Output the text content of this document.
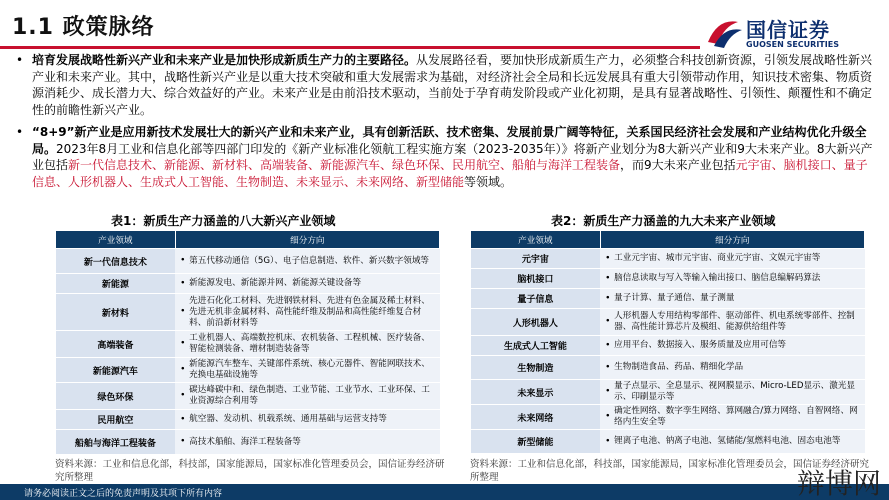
1.1 政策脉络	国信证券
GUOSEN SECURITIES
• 培育发展战略性新兴产业和未来产业是加快形成新质生产力的主要路径。从发展路径看，要加快形成新质生产力，必须整合科技创新资源，引领发展战略性新兴产业和未来产业。其中，战略性新兴产业是以重大技术突破和重大发展需求为基础，对经济社会全局和长远发展具有重大引领带动作用，知识技术密集、物质资源消耗少、成长潜力大、综合效益好的产业。未来产业是由前沿技术驱动，当前处于孕育萌发阶段或产业化初期，是具有显著战略性、引领性、颠覆性和不确定性的前瞻性新兴产业。
• “8+9”新产业是应用新技术发展壮大的新兴产业和未来产业，具有创新活跃、技术密集、发展前景广阔等特征，关系国民经济社会发展和产业结构优化升级全局。2023年8月工业和信息化部等四部门印发的《新产业标准化领航工程实施方案（2023-2035年）》将新产业划分为8大新兴产业和9大未来产业。8大新兴产业包括新一代信息技术、新能源、新材料、高端装备、新能源汽车、绿色环保、民用航空、船舶与海洋工程装备，而9大未来产业包括元宇宙、脑机接口、量子信息、人形机器人、生成式人工智能、生物制造、未来显示、未来网络、新型储能等领域。
表1：新质生产力涵盖的八大新兴产业领域
产业领域	细分方向
新一代信息技术	• 第五代移动通信（5G）、电子信息制造、软件、新兴数字领域等
新能源	• 新能源发电、新能源并网、新能源关键设备等
新材料	• 先进石化化工材料、先进钢铁材料、先进有色金属及稀土材料、先进无机非金属材料、高性能纤维及制品和高性能纤维复合材料、前沿新材料等
高端装备	• 工业机器人、高端数控机床、农机装备、工程机械、医疗装备、智能检测装备、增材制造装备等
新能源汽车	• 新能源汽车整车、关键部件系统、核心元器件、智能网联技术、充换电基础设施等
绿色环保	• 碳达峰碳中和、绿色制造、工业节能、工业节水、工业环保、工业资源综合利用等
民用航空	• 航空器、发动机、机载系统、通用基础与运营支持等
船舶与海洋工程装备	• 高技术船舶、海洋工程装备等
资料来源：工业和信息化部，科技部，国家能源局，国家标准化管理委员会，国信证券经济研究所整理
表2：新质生产力涵盖的九大未来产业领域
产业领域	细分方向
元宇宙	• 工业元宇宙、城市元宇宙、商业元宇宙、文娱元宇宙等
脑机接口	• 脑信息读取与写入等输入输出接口、脑信息编解码算法
量子信息	• 量子计算、量子通信、量子测量
人形机器人	• 人形机器人专用结构零部件、驱动部件、机电系统零部件、控制器、高性能计算芯片及模组、能源供给组件等
生成式人工智能	• 应用平台、数据接入、服务质量及应用可信等
生物制造	• 生物制造食品、药品、精细化学品
未来显示	• 量子点显示、全息显示、视网膜显示、Micro-LED显示、激光显示、印刷显示等
未来网络	• 确定性网络、数字孪生网络、算网融合/算力网络、自智网络、网络内生安全等
新型储能	• 锂离子电池、钠离子电池、氢储能/氢燃料电池、固态电池等
资料来源：工业和信息化部，科技部，国家能源局，国家标准化管理委员会，国信证券经济研究所整理
请务必阅读正文之后的免责声明及其项下所有内容	辩博网
